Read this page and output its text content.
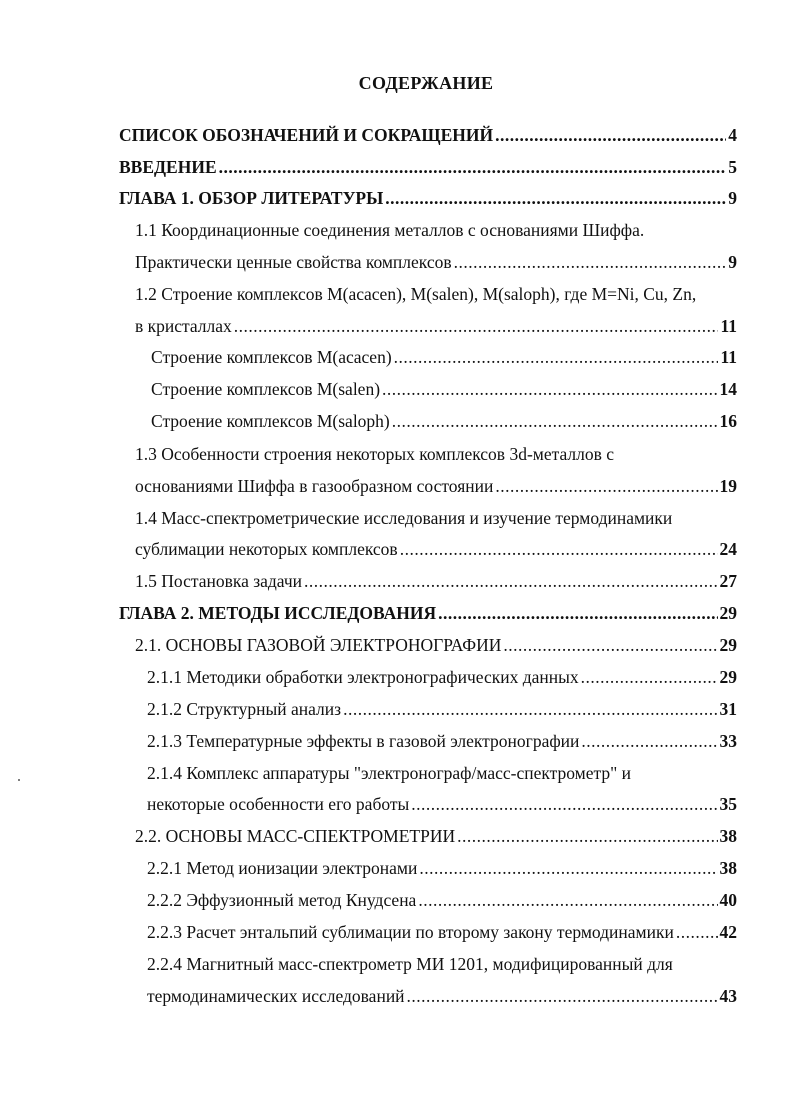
СОДЕРЖАНИЕ
СПИСОК ОБОЗНАЧЕНИЙ И СОКРАЩЕНИЙ .....	4
ВВЕДЕНИЕ .....	5
ГЛАВА 1. ОБЗОР ЛИТЕРАТУРЫ .....	9
1.1 Координационные соединения металлов с основаниями Шиффа.
Практически ценные свойства комплексов .....	9
1.2 Строение комплексов M(acacen), M(salen), M(saloph), где M=Ni, Cu, Zn,
в кристаллах .....	11
Строение комплексов M(acacen) .....	11
Строение комплексов M(salen) .....	14
Строение комплексов M(saloph) .....	16
1.3 Особенности строения некоторых комплексов 3d-металлов с
основаниями Шиффа в газообразном состоянии .....	19
1.4 Масс-спектрометрические исследования и изучение термодинамики
сублимации некоторых комплексов .....	24
1.5 Постановка задачи .....	27
ГЛАВА 2. МЕТОДЫ ИССЛЕДОВАНИЯ .....	29
2.1. ОСНОВЫ ГАЗОВОЙ ЭЛЕКТРОНОГРАФИИ .....	29
2.1.1 Методики обработки электронографических данных .....	29
2.1.2 Структурный анализ .....	31
2.1.3 Температурные эффекты в газовой электронографии .....	33
2.1.4 Комплекс аппаратуры "электронограф/масс-спектрометр" и
некоторые особенности его работы .....	35
2.2. ОСНОВЫ МАСС-СПЕКТРОМЕТРИИ .....	38
2.2.1 Метод ионизации электронами .....	38
2.2.2 Эффузионный метод Кнудсена .....	40
2.2.3 Расчет энтальпий сублимации по второму закону термодинамики .....	42
2.2.4 Магнитный масс-спектрометр МИ 1201, модифицированный для
термодинамических исследований .....	43
